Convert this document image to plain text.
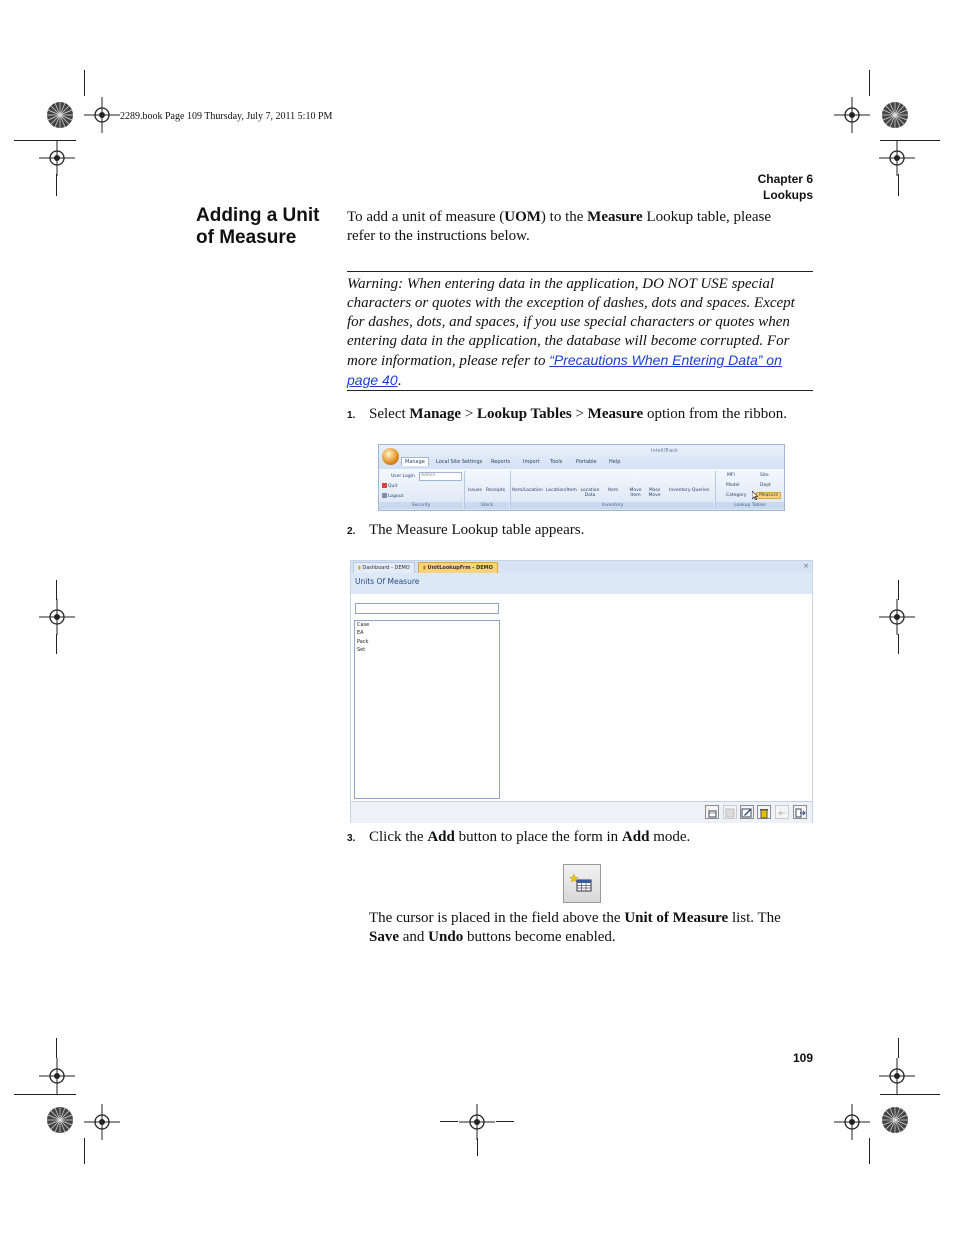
2289.book Page 109 Thursday, July 7, 2011 5:10 PM
Chapter 6
Lookups
Adding a Unit
of Measure
To add a unit of measure (UOM) to the Measure Lookup table, please
refer to the instructions below.
Warning: When entering data in the application, DO NOT USE special
characters or quotes with the exception of dashes, dots and spaces. Except
for dashes, dots, and spaces, if you use special characters or quotes when
entering data in the application, the database will become corrupted. For
more information, please refer to “Precautions When Entering Data” on
page 40.
1. Select Manage > Lookup Tables > Measure option from the ribbon.
IntelliTrack
Manage	Local Site Settings Reports	Import Tools	Portable Help
User Login	Admin
Quit
Logout
Security
Issues Receipts
Stock
Item/Location Location/Item Location Data
Item Move Item
Mass Move
Inventory Queries
Inventory
MFI	Site
Model	Dept
Category	Measure
Lookup Tables
2. The Measure Lookup table appears.
▮ Dashboard - DEMO	▮ UnitLookupFrm - DEMO	×
Units Of Measure
Case
EA
Pack
Set
3. Click the Add button to place the form in Add mode.
The cursor is placed in the field above the Unit of Measure list. The
Save and Undo buttons become enabled.
109
